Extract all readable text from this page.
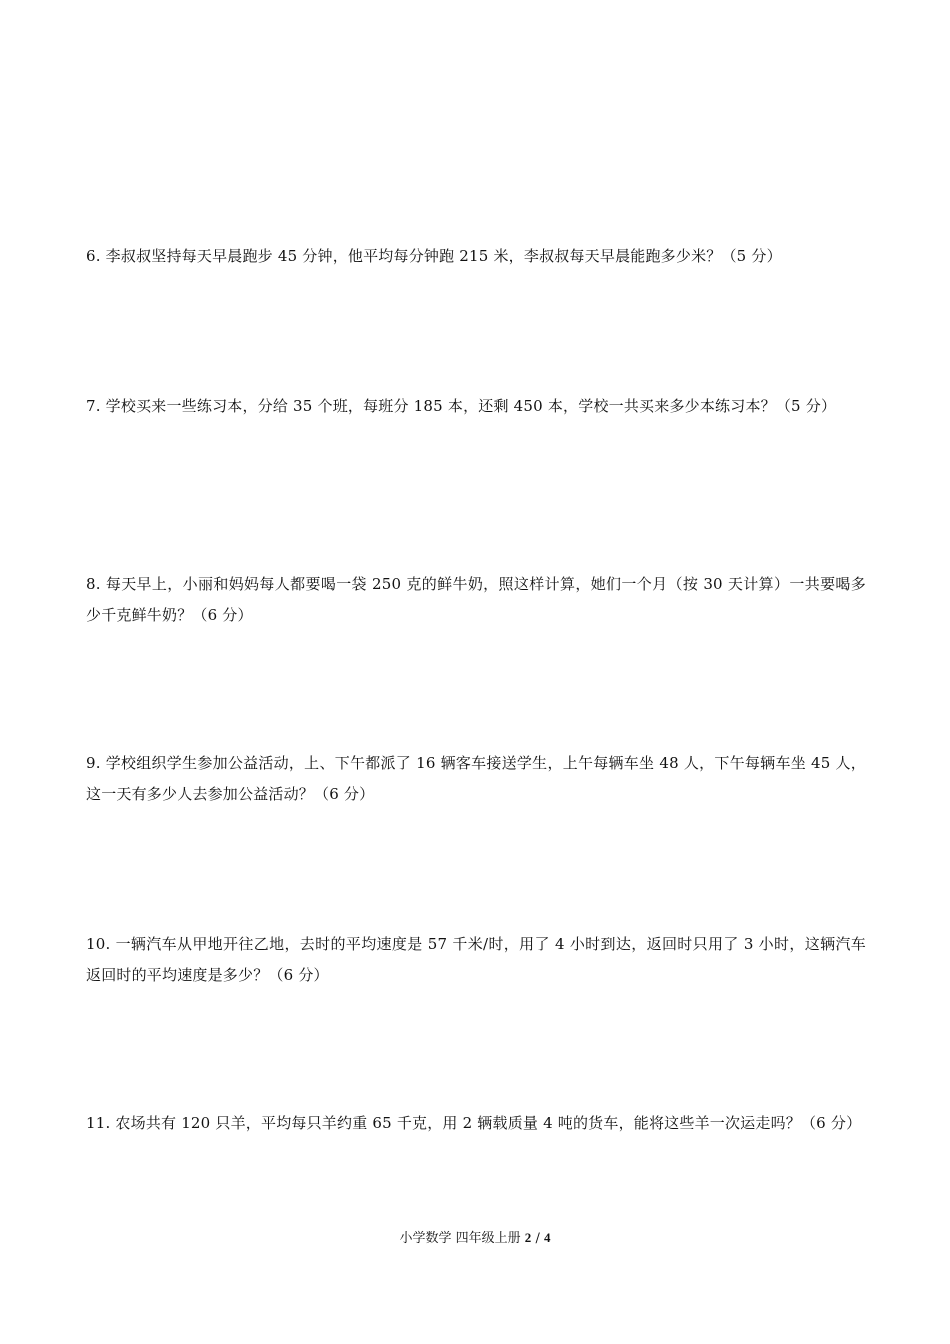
6. 李叔叔坚持每天早晨跑步 45 分钟，他平均每分钟跑 215 米，李叔叔每天早晨能跑多少米？（5 分）
7. 学校买来一些练习本，分给 35 个班，每班分 185 本，还剩 450 本，学校一共买来多少本练习本？（5 分）
8. 每天早上，小丽和妈妈每人都要喝一袋 250 克的鲜牛奶，照这样计算，她们一个月（按 30 天计算）一共要喝多少千克鲜牛奶？（6 分）
9. 学校组织学生参加公益活动，上、下午都派了 16 辆客车接送学生，上午每辆车坐 48 人，下午每辆车坐 45 人，这一天有多少人去参加公益活动？（6 分）
10. 一辆汽车从甲地开往乙地，去时的平均速度是 57 千米/时，用了 4 小时到达，返回时只用了 3 小时，这辆汽车返回时的平均速度是多少？（6 分）
11. 农场共有 120 只羊，平均每只羊约重 65 千克，用 2 辆载质量 4 吨的货车，能将这些羊一次运走吗？（6 分）
小学数学 四年级上册 2 / 4
